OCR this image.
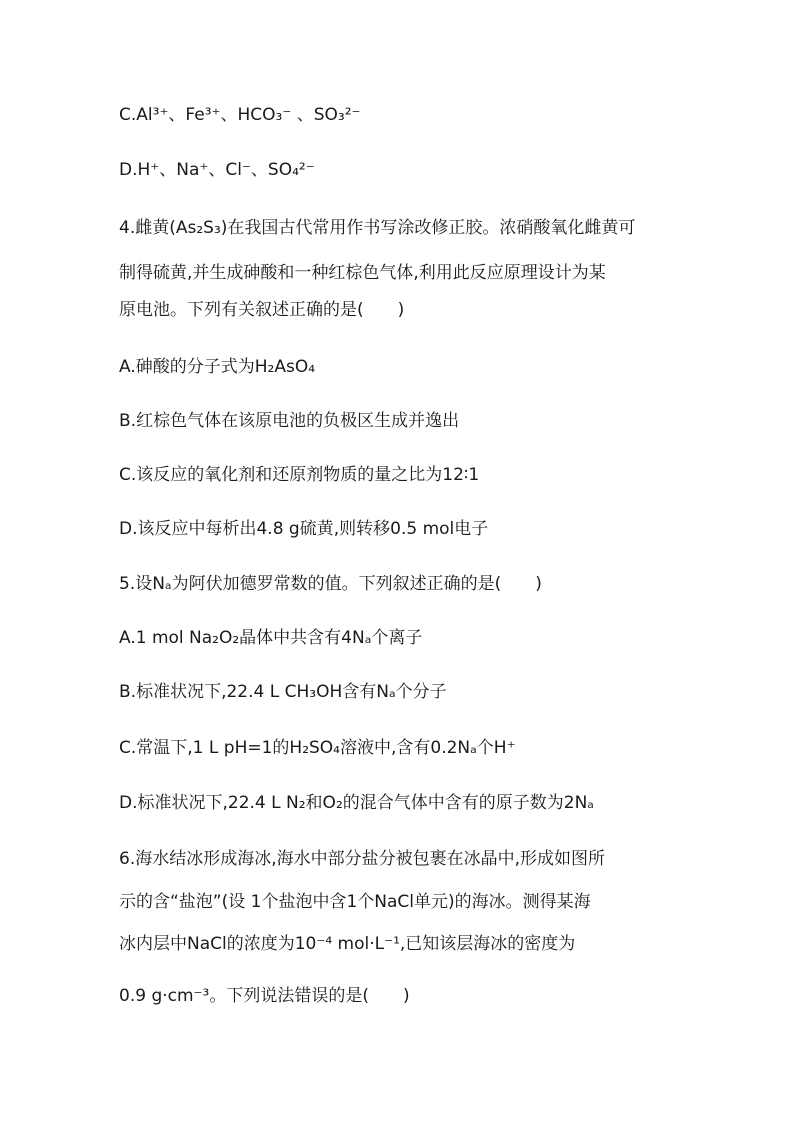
C.Al³⁺、Fe³⁺、HCO₃⁻ 、SO₃²⁻
D.H⁺、Na⁺、Cl⁻、SO₄²⁻
4.雌黄(As₂S₃)在我国古代常用作书写涂改修正胶。浓硝酸氧化雌黄可
制得硫黄,并生成砷酸和一种红棕色气体,利用此反应原理设计为某
原电池。下列有关叙述正确的是(　　)
A.砷酸的分子式为H₂AsO₄
B.红棕色气体在该原电池的负极区生成并逸出
C.该反应的氧化剂和还原剂物质的量之比为12∶1
D.该反应中每析出4.8 g硫黄,则转移0.5 mol电子
5.设Nₐ为阿伏加德罗常数的值。下列叙述正确的是(　　)
A.1 mol Na₂O₂晶体中共含有4Nₐ个离子
B.标准状况下,22.4 L CH₃OH含有Nₐ个分子
C.常温下,1 L pH=1的H₂SO₄溶液中,含有0.2Nₐ个H⁺
D.标准状况下,22.4 L N₂和O₂的混合气体中含有的原子数为2Nₐ
6.海水结冰形成海冰,海水中部分盐分被包裹在冰晶中,形成如图所
示的含“盐泡”(设 1个盐泡中含1个NaCl单元)的海冰。测得某海
冰内层中NaCl的浓度为10⁻⁴ mol·L⁻¹,已知该层海冰的密度为
0.9 g·cm⁻³。下列说法错误的是(　　)
